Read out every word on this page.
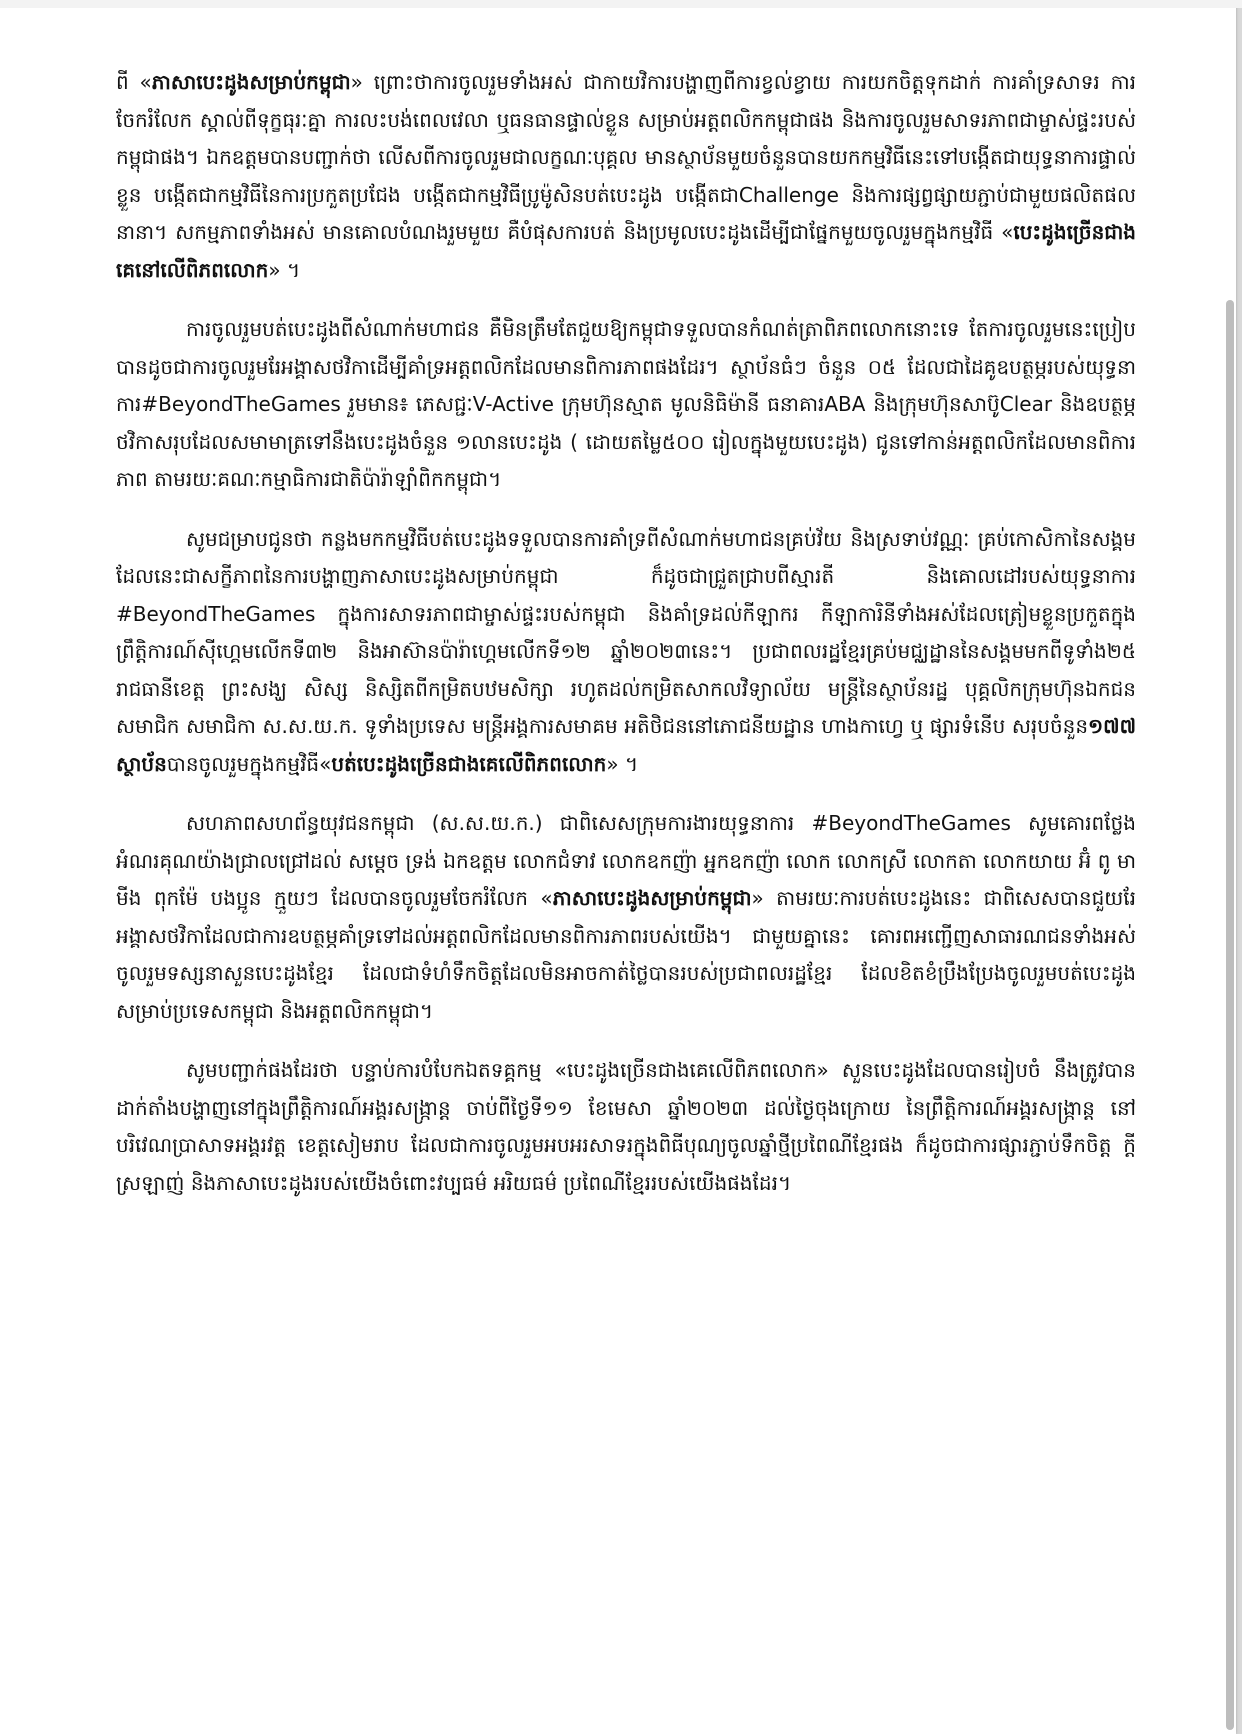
ពី «ភាសាបេះដូងសម្រាប់កម្ពុជា» ព្រោះថាការចូលរួមទាំងអស់ ជាកាយវិការបង្ហាញពីការខ្វល់ខ្វាយ ការយកចិត្តទុកដាក់ ការគាំទ្រសាទរ ការចែករំលែក ស្គាល់ពីទុក្ខធុរៈគ្នា ការលះបង់ពេលវេលា ឬធនធានផ្ទាល់ខ្លួន សម្រាប់អត្តពលិកកម្ពុជាផង និងការចូលរួមសាទរភាពជាម្ចាស់ផ្ទះរបស់កម្ពុជាផង។ ឯកឧត្តមបានបញ្ជាក់ថា លើសពីការចូលរួមជាលក្ខណៈបុគ្គល មានស្ថាប័នមួយចំនួនបានយកកម្មវិធីនេះទៅបង្កើតជាយុទ្ធនាការផ្ទាល់ខ្លួន បង្កើតជាកម្មវិធីនៃការប្រកួតប្រជែង បង្កើតជាកម្មវិធីប្រូម៉ូសិនបត់បេះដូង បង្កើតជាChallenge និងការផ្សព្វផ្សាយភ្ជាប់ជាមួយផលិតផលនានា។ សកម្មភាពទាំងអស់ មានគោលបំណងរួមមួយ គឺបំផុសការបត់ និងប្រមូលបេះដូងដើម្បីជាផ្នែកមួយចូលរួមក្នុងកម្មវិធី «បេះដូងច្រើនជាងគេនៅលើពិភពលោក» ។

ការចូលរួមបត់បេះដូងពីសំណាក់មហាជន គឺមិនត្រឹមតែជួយឱ្យកម្ពុជាទទួលបានកំណត់ត្រាពិភពលោកនោះទេ តែការចូលរួមនេះប្រៀបបានដូចជាការចូលរួមរែអង្គាសថវិកាដើម្បីគាំទ្រអត្តពលិកដែលមានពិការភាពផងដែរ។ ស្ថាប័នធំៗ ចំនួន ០៥ ដែលជាដៃគូឧបត្ថម្ភរបស់យុទ្ធនាការ#BeyondTheGames រួមមាន៖ ភេសជ្ជៈV-Active ក្រុមហ៊ុនស្មាត មូលនិធិម៉ានី ធនាគារABA និងក្រុមហ៊ុនសាប៊ូClear និងឧបត្ថម្ភថវិកាសរុបដែលសមាមាត្រទៅនឹងបេះដូងចំនួន ១លានបេះដូង ( ដោយតម្លៃ៥០០ រៀលក្នុងមួយបេះដូង) ជូនទៅកាន់អត្តពលិកដែលមានពិការភាព តាមរយៈគណៈកម្មាធិការជាតិប៉ារ៉ាឡាំពិកកម្ពុជា។

សូមជម្រាបជូនថា កន្លងមកកម្មវិធីបត់បេះដូងទទួលបានការគាំទ្រពីសំណាក់មហាជនគ្រប់វ័យ និងស្រទាប់វណ្ណៈ គ្រប់កោសិកានៃសង្គម ដែលនេះជាសក្ខីភាពនៃការបង្ហាញភាសាបេះដូងសម្រាប់កម្ពុជា ក៏ដូចជាជ្រួតជ្រាបពីស្មារតី និងគោលដៅរបស់យុទ្ធនាការ #BeyondTheGames ក្នុងការសាទរភាពជាម្ចាស់ផ្ទះរបស់កម្ពុជា និងគាំទ្រដល់កីឡាករ កីឡាការិនីទាំងអស់ដែលត្រៀមខ្លួនប្រកួតក្នុងព្រឹត្តិការណ៍ស៊ីហ្គេមលើកទី៣២ និងអាស៊ានប៉ារ៉ាហ្គេមលើកទី១២ ឆ្នាំ២០២៣នេះ។ ប្រជាពលរដ្ឋខ្មែរគ្រប់មជ្ឈដ្ឋាននៃសង្គមមកពីទូទាំង២៥ រាជធានីខេត្ត ព្រះសង្ឃ សិស្ស និស្សិតពីកម្រិតបឋមសិក្សា រហូតដល់កម្រិតសាកលវិទ្យាល័យ មន្ត្រីនៃស្ថាប័នរដ្ឋ បុគ្គលិកក្រុមហ៊ុនឯកជន សមាជិក សមាជិកា ស.ស.យ.ក. ទូទាំងប្រទេស មន្ត្រីអង្គការសមាគម អតិថិជននៅភោជនីយដ្ឋាន ហាងកាហ្វេ ឬ ផ្សារទំនើប សរុបចំនួន១៧៧ ស្ថាប័នបានចូលរួមក្នុងកម្មវិធី«បត់បេះដូងច្រើនជាងគេលើពិភពលោក» ។

សហភាពសហព័ន្ធយុវជនកម្ពុជា (ស.ស.យ.ក.) ជាពិសេសក្រុមការងារយុទ្ធនាការ #BeyondTheGames សូមគោរពថ្លែងអំណរគុណយ៉ាងជ្រាលជ្រៅដល់ សម្តេច ទ្រង់ ឯកឧត្តម លោកជំទាវ លោកឧកញ៉ា អ្នកឧកញ៉ា លោក លោកស្រី លោកតា លោកយាយ អ៊ំ ពូ មា មីង ពុកម៉ែ បងប្អូន ក្មួយៗ ដែលបានចូលរួមចែករំលែក «ភាសាបេះដូងសម្រាប់កម្ពុជា» តាមរយៈការបត់បេះដូងនេះ ជាពិសេសបានជួយរែអង្គាសថវិកាដែលជាការឧបត្ថម្ភគាំទ្រទៅដល់អត្តពលិកដែលមានពិការភាពរបស់យើង។ ជាមួយគ្នានេះ គោរពអញ្ជើញសាធារណជនទាំងអស់ចូលរួមទស្សនាសួនបេះដូងខ្មែរ ដែលជាទំហំទឹកចិត្តដែលមិនអាចកាត់ថ្លៃបានរបស់ប្រជាពលរដ្ឋខ្មែរ ដែលខិតខំប្រឹងប្រែងចូលរួមបត់បេះដូង សម្រាប់ប្រទេសកម្ពុជា និងអត្តពលិកកម្ពុជា។

សូមបញ្ជាក់ផងដែរថា បន្ទាប់ការបំបែកឯតទគ្គកម្ម «បេះដូងច្រើនជាងគេលើពិភពលោក» សួនបេះដូងដែលបានរៀបចំ នឹងត្រូវបានដាក់តាំងបង្ហាញនៅក្នុងព្រឹត្តិការណ៍អង្គរសង្ក្រាន្ត ចាប់ពីថ្ងៃទី១១ ខែមេសា ឆ្នាំ២០២៣ ដល់ថ្ងៃចុងក្រោយ នៃព្រឹត្តិការណ៍អង្គរសង្ក្រាន្ត នៅបរិវេណប្រាសាទអង្គរវត្ត ខេត្តសៀមរាប ដែលជាការចូលរួមអបអរសាទរក្នុងពិធីបុណ្យចូលឆ្នាំថ្មីប្រពៃណីខ្មែរផង ក៏ដូចជាការផ្សារភ្ជាប់ទឹកចិត្ត ក្តីស្រឡាញ់ និងភាសាបេះដូងរបស់យើងចំពោះវប្បធម៌ អរិយធម៌ ប្រពៃណីខ្មែររបស់យើងផងដែរ។
